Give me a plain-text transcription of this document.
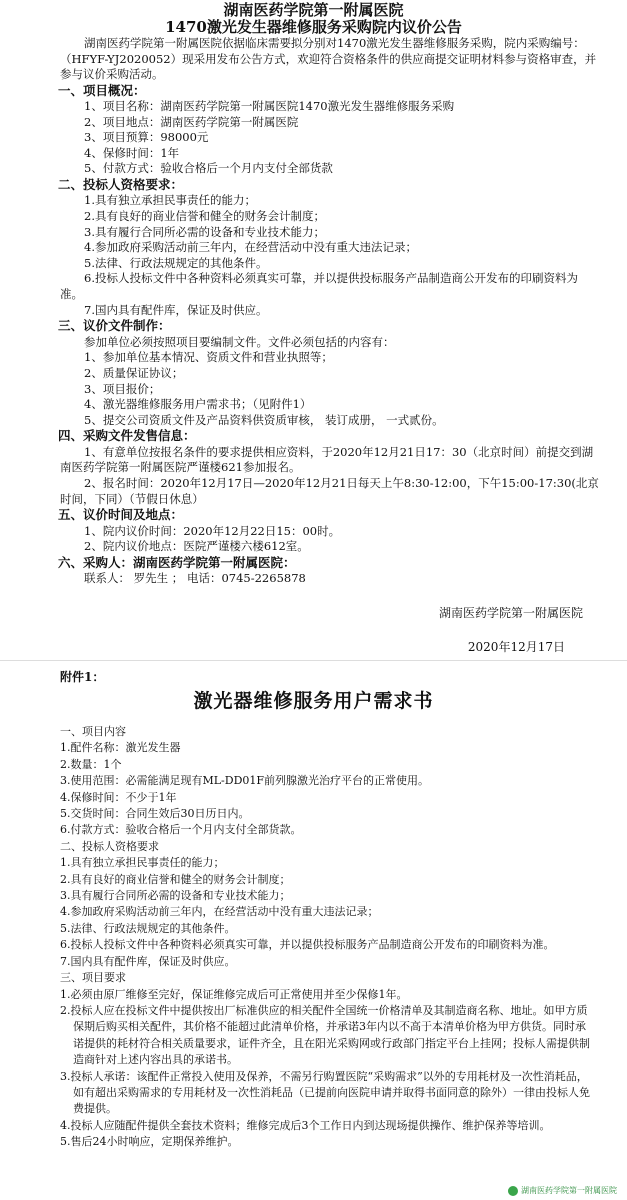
湖南医药学院第一附属医院
1470激光发生器维修服务采购院内议价公告
湖南医药学院第一附属医院依据临床需要拟分别对1470激光发生器维修服务采购，院内采购编号：（HFYF-YJ2020052）现采用发布公告方式，欢迎符合资格条件的供应商提交证明材料参与资格审查，并参与议价采购活动。
一、项目概况：
1、项目名称：湖南医药学院第一附属医院1470激光发生器维修服务采购
2、项目地点：湖南医药学院第一附属医院
3、项目预算：98000元
4、保修时间：1年
5、付款方式：验收合格后一个月内支付全部货款
二、投标人资格要求：
1.具有独立承担民事责任的能力；
2.具有良好的商业信誉和健全的财务会计制度；
3.具有履行合同所必需的设备和专业技术能力；
4.参加政府采购活动前三年内，在经营活动中没有重大违法记录；
5.法律、行政法规规定的其他条件。
6.投标人投标文件中各种资料必须真实可靠，并以提供投标服务产品制造商公开发布的印刷资料为准。
7.国内具有配件库，保证及时供应。
三、议价文件制作：
参加单位必须按照项目要编制文件。文件必须包括的内容有：
1、参加单位基本情况、资质文件和营业执照等；
2、质量保证协议；
3、项目报价；
4、激光器维修服务用户需求书；（见附件1）
5、提交公司资质文件及产品资料供资质审核， 装订成册， 一式贰份。
四、采购文件发售信息：
1、有意单位按报名条件的要求提供相应资料，于2020年12月21日17：30（北京时间）前提交到湖南医药学院第一附属医院严谨楼621参加报名。
2、报名时间：2020年12月17日—2020年12月21日每天上午8:30-12:00，下午15:00-17:30(北京时间，下同）（节假日休息）
五、议价时间及地点：
1、院内议价时间：2020年12月22日15：00时。
2、院内议价地点：医院严谨楼六楼612室。
六、采购人：湖南医药学院第一附属医院：
联系人： 罗先生 ； 电话：0745-2265878
湖南医药学院第一附属医院
2020年12月17日
附件1：
激光器维修服务用户需求书
一、项目内容
1.配件名称：激光发生器
2.数量：1个
3.使用范围：必需能满足现有ML-DD01F前列腺激光治疗平台的正常使用。
4.保修时间：不少于1年
5.交货时间：合同生效后30日历日内。
6.付款方式：验收合格后一个月内支付全部货款。
二、投标人资格要求
1.具有独立承担民事责任的能力；
2.具有良好的商业信誉和健全的财务会计制度；
3.具有履行合同所必需的设备和专业技术能力；
4.参加政府采购活动前三年内，在经营活动中没有重大违法记录；
5.法律、行政法规规定的其他条件。
6.投标人投标文件中各种资料必须真实可靠，并以提供投标服务产品制造商公开发布的印刷资料为准。
7.国内具有配件库，保证及时供应。
三、项目要求
1.必须由原厂维修至完好，保证维修完成后可正常使用并至少保修1年。
2.投标人应在投标文件中提供按出厂标准供应的相关配件全国统一价格清单及其制造商名称、地址。如甲方质保期后购买相关配件，其价格不能超过此清单价格，并承诺3年内以不高于本清单价格为甲方供货。同时承诺提供的耗材符合相关质量要求，证件齐全，且在阳光采购网或行政部门指定平台上挂网；投标人需提供制造商针对上述内容出具的承诺书。
3.投标人承诺：该配件正常投入使用及保养，不需另行购置医院“采购需求”以外的专用耗材及一次性消耗品，如有超出采购需求的专用耗材及一次性消耗品（已提前向医院申请并取得书面同意的除外）一律由投标人免费提供。
4.投标人应随配件提供全套技术资料；维修完成后3个工作日内到达现场提供操作、维护保养等培训。
5.售后24小时响应，定期保养维护。
湖南医药学院第一附属医院
